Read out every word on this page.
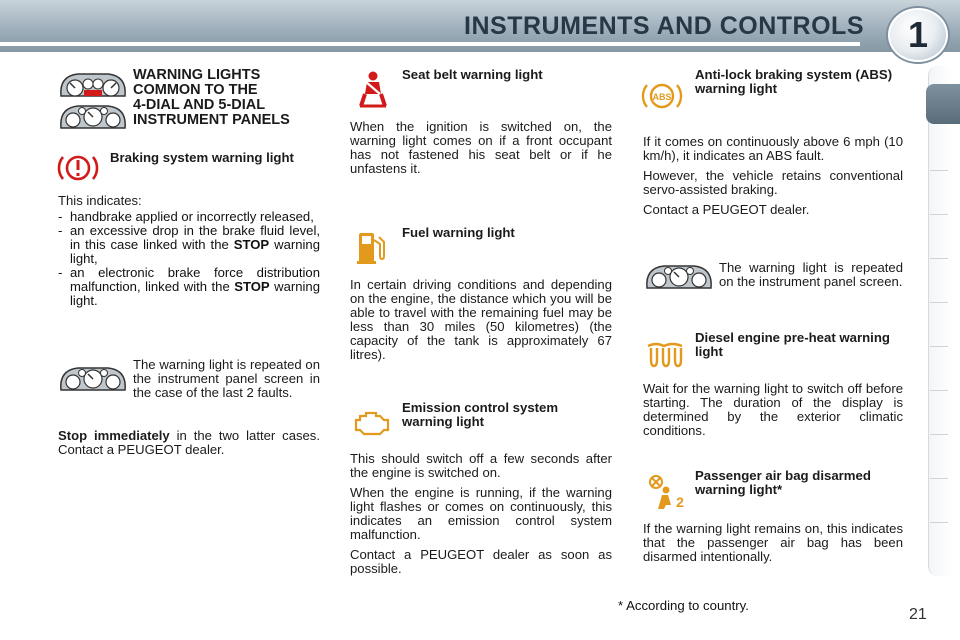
INSTRUMENTS AND CONTROLS	1
WARNING LIGHTS
COMMON TO THE
4-DIAL AND 5-DIAL
INSTRUMENT PANELS
Braking system warning light
This indicates:
- handbrake applied or incorrectly released,
- an excessive drop in the brake fluid level, in this case linked with the STOP warning light,
- an electronic brake force distribution malfunction, linked with the STOP warning light.
The warning light is repeated on the instrument panel screen in the case of the last 2 faults.
Stop immediately in the two latter cases. Contact a PEUGEOT dealer.
Seat belt warning light
When the ignition is switched on, the warning light comes on if a front occupant has not fastened his seat belt or if he unfastens it.
Fuel warning light
In certain driving conditions and depending on the engine, the distance which you will be able to travel with the remaining fuel may be less than 30 miles (50 kilometres) (the capacity of the tank is approximately 67 litres).
Emission control system warning light
This should switch off a few seconds after the engine is switched on.
When the engine is running, if the warning light flashes or comes on continuously, this indicates an emission control system malfunction.
Contact a PEUGEOT dealer as soon as possible.
ABS
Anti-lock braking system (ABS) warning light
If it comes on continuously above 6 mph (10 km/h), it indicates an ABS fault.
However, the vehicle retains conventional servo-assisted braking.
Contact a PEUGEOT dealer.
The warning light is repeated on the instrument panel screen.
Diesel engine pre-heat warning light
Wait for the warning light to switch off before starting. The duration of the display is determined by the exterior climatic conditions.
2
Passenger air bag disarmed warning light*
If the warning light remains on, this indicates that the passenger air bag has been disarmed intentionally.
* According to country.
21
